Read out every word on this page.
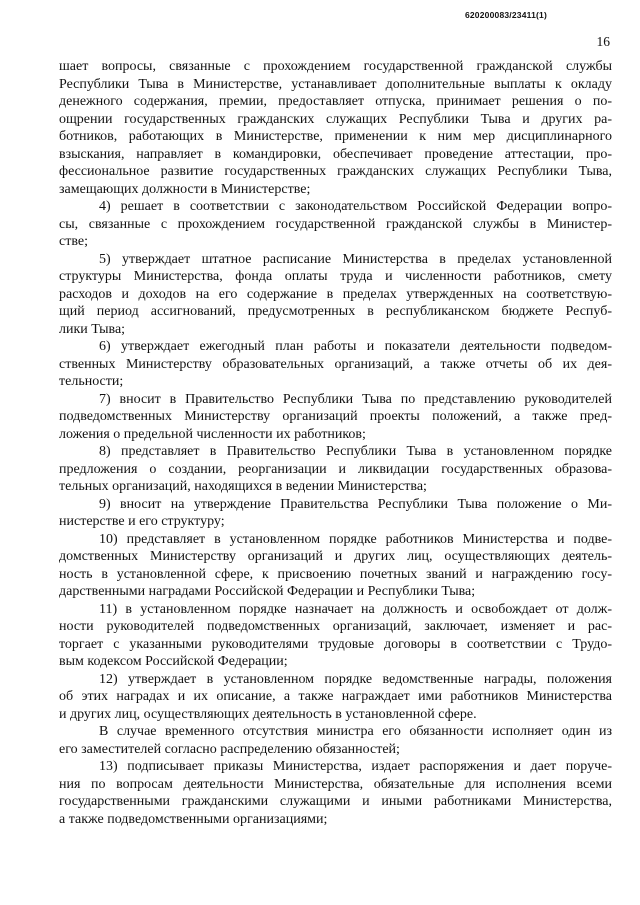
620200083/23411(1)
16
шает вопросы, связанные с прохождением государственной гражданской службы
Республики Тыва в Министерстве, устанавливает дополнительные выплаты к окладу
денежного содержания, премии, предоставляет отпуска, принимает решения о по-
ощрении государственных гражданских служащих Республики Тыва и других ра-
ботников, работающих в Министерстве, применении к ним мер дисциплинарного
взыскания, направляет в командировки, обеспечивает проведение аттестации, про-
фессиональное развитие государственных гражданских служащих Республики Тыва,
замещающих должности в Министерстве;
4) решает в соответствии с законодательством Российской Федерации вопро-
сы, связанные с прохождением государственной гражданской службы в Министер-
стве;
5) утверждает штатное расписание Министерства в пределах установленной
структуры Министерства, фонда оплаты труда и численности работников, смету
расходов и доходов на его содержание в пределах утвержденных на соответствую-
щий период ассигнований, предусмотренных в республиканском бюджете Респуб-
лики Тыва;
6) утверждает ежегодный план работы и показатели деятельности подведом-
ственных Министерству образовательных организаций, а также отчеты об их дея-
тельности;
7) вносит в Правительство Республики Тыва по представлению руководителей
подведомственных Министерству организаций проекты положений, а также пред-
ложения о предельной численности их работников;
8) представляет в Правительство Республики Тыва в установленном порядке
предложения о создании, реорганизации и ликвидации государственных образова-
тельных организаций, находящихся в ведении Министерства;
9) вносит на утверждение Правительства Республики Тыва положение о Ми-
нистерстве и его структуру;
10) представляет в установленном порядке работников Министерства и подве-
домственных Министерству организаций и других лиц, осуществляющих деятель-
ность в установленной сфере, к присвоению почетных званий и награждению госу-
дарственными наградами Российской Федерации и Республики Тыва;
11) в установленном порядке назначает на должность и освобождает от долж-
ности руководителей подведомственных организаций, заключает, изменяет и рас-
торгает с указанными руководителями трудовые договоры в соответствии с Трудо-
вым кодексом Российской Федерации;
12) утверждает в установленном порядке ведомственные награды, положения
об этих наградах и их описание, а также награждает ими работников Министерства
и других лиц, осуществляющих деятельность в установленной сфере.
В случае временного отсутствия министра его обязанности исполняет один из
его заместителей согласно распределению обязанностей;
13) подписывает приказы Министерства, издает распоряжения и дает поруче-
ния по вопросам деятельности Министерства, обязательные для исполнения всеми
государственными гражданскими служащими и иными работниками Министерства,
а также подведомственными организациями;
